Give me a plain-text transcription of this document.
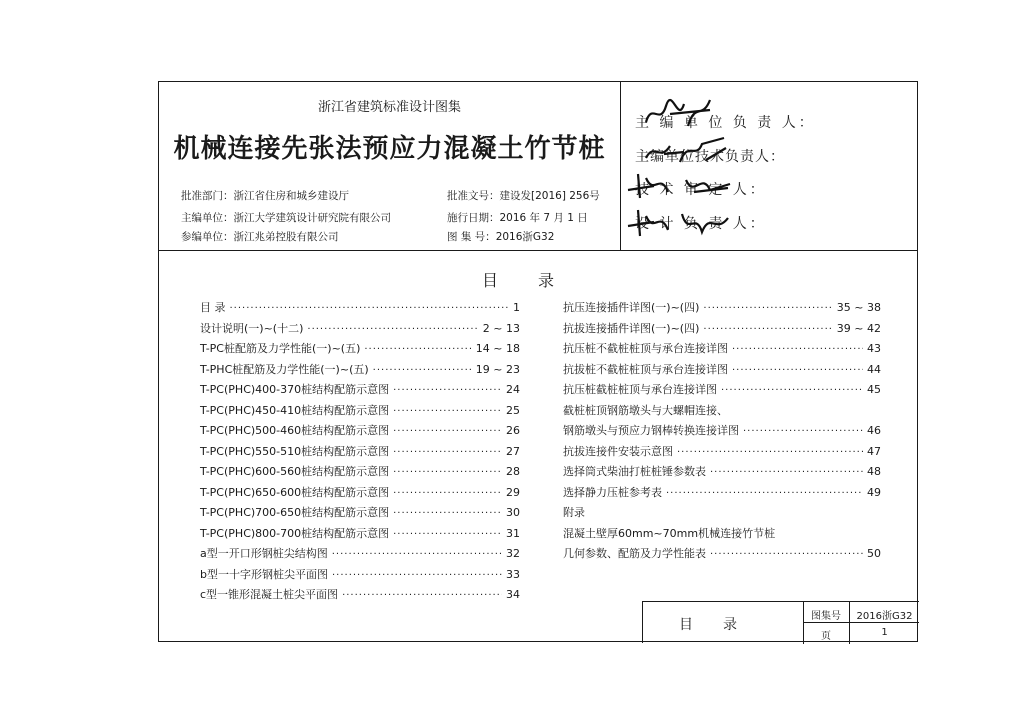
浙江省建筑标准设计图集
机械连接先张法预应力混凝土竹节桩
批准部门：浙江省住房和城乡建设厅
主编单位：浙江大学建筑设计研究院有限公司
参编单位：浙江兆弟控股有限公司
批准文号：建设发[2016] 256号
施行日期：2016 年 7 月 1 日
图 集 号：2016浙G32
主 编 单 位 负 责 人：
主编单位技术负责人：
技 术 审 定 人：
设 计 负 责 人：
目录
目录
图集号	2016浙G32
页	1
目 录 ·····	1
设计说明(一)~(十二) ·····	2 ~ 13
T-PC桩配筋及力学性能(一)~(五) ·····	14 ~ 18
T-PHC桩配筋及力学性能(一)~(五) ·····	19 ~ 23
T-PC(PHC)400-370桩结构配筋示意图 ·····	24
T-PC(PHC)450-410桩结构配筋示意图 ·····	25
T-PC(PHC)500-460桩结构配筋示意图 ·····	26
T-PC(PHC)550-510桩结构配筋示意图 ·····	27
T-PC(PHC)600-560桩结构配筋示意图 ·····	28
T-PC(PHC)650-600桩结构配筋示意图 ·····	29
T-PC(PHC)700-650桩结构配筋示意图 ·····	30
T-PC(PHC)800-700桩结构配筋示意图 ·····	31
a型一开口形钢桩尖结构图 ·····	32
b型一十字形钢桩尖平面图 ·····	33
c型一锥形混凝土桩尖平面图 ·····	34
抗压连接插件详图(一)~(四) ·····	35 ~ 38
抗拔连接插件详图(一)~(四) ·····	39 ~ 42
抗压桩不截桩桩顶与承台连接详图 ·····	43
抗拔桩不截桩桩顶与承台连接详图 ·····	44
抗压桩截桩桩顶与承台连接详图 ·····	45
截桩桩顶钢筋墩头与大螺帽连接、
钢筋墩头与预应力钢棒转换连接详图 ·····	46
抗拔连接件安装示意图 ·····	47
选择筒式柴油打桩桩锤参数表 ·····	48
选择静力压桩参考表 ·····	49
附录
混凝土壁厚60mm~70mm机械连接竹节桩
几何参数、配筋及力学性能表 ·····	50
